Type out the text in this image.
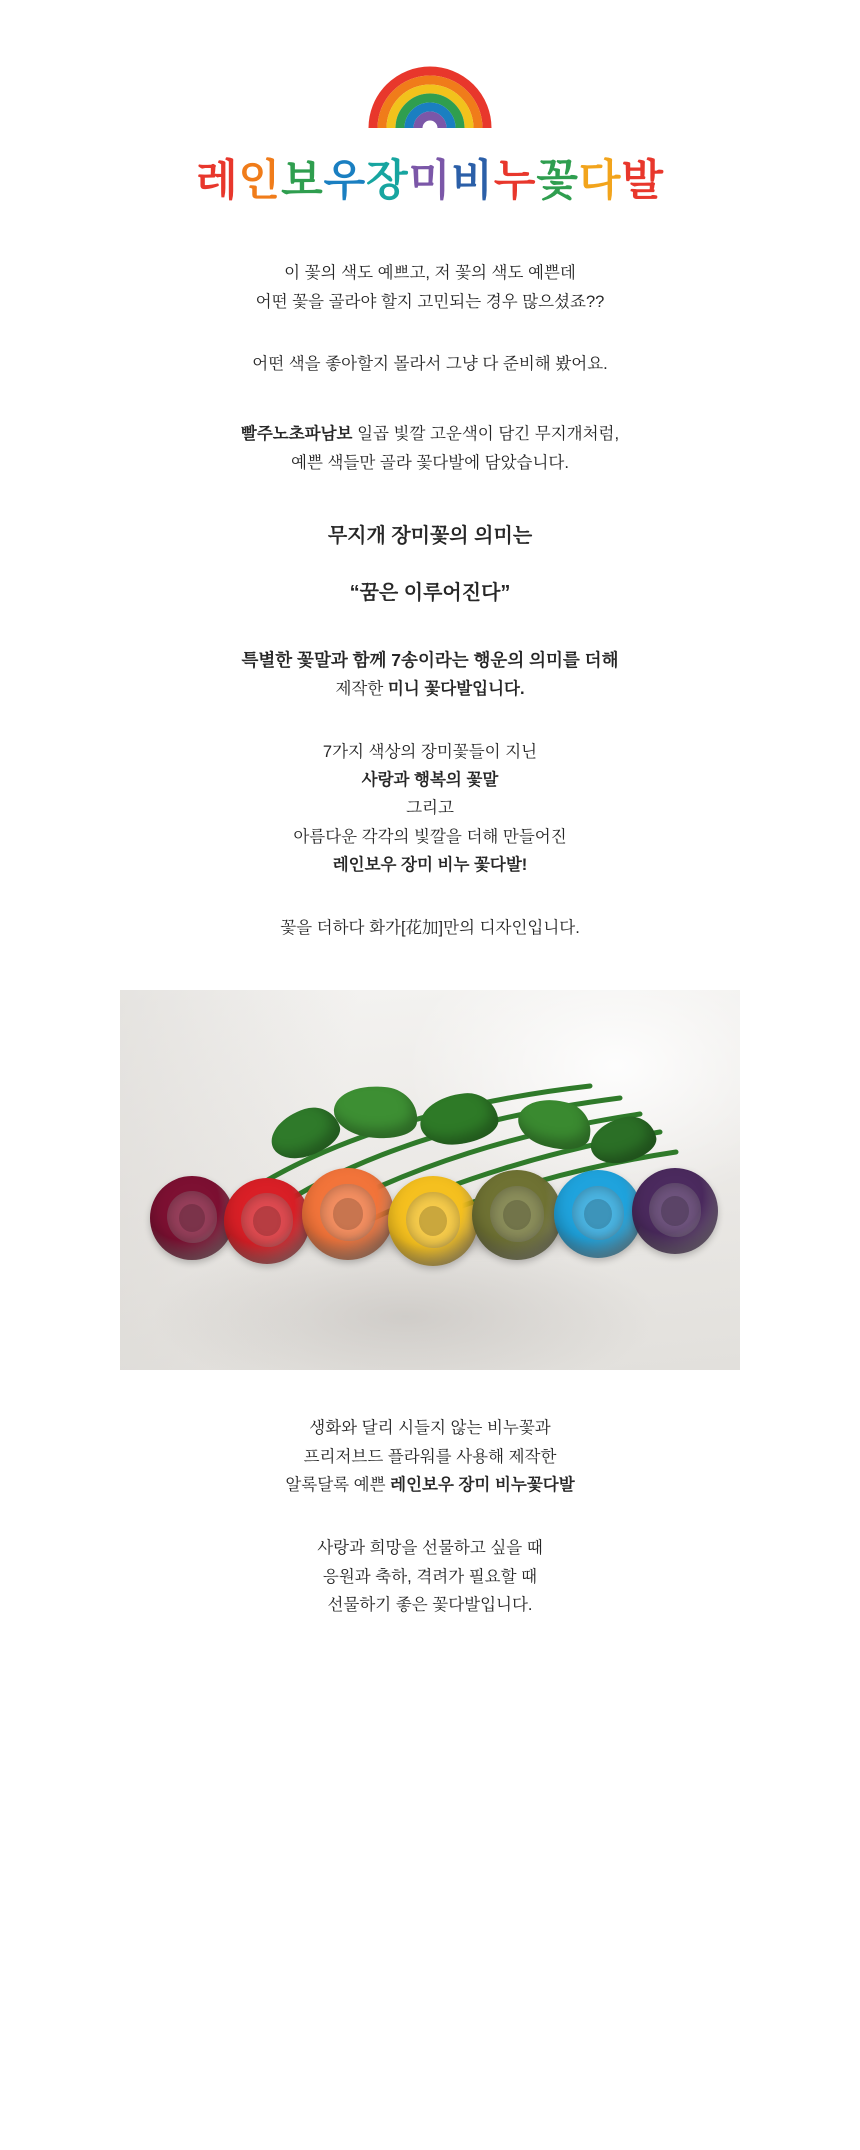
레인보우장미비누꽃다발

이 꽃의 색도 예쁘고, 저 꽃의 색도 예쁜데

어떤 꽃을 골라야 할지 고민되는 경우 많으셨죠??

어떤 색을 좋아할지 몰라서 그냥 다 준비해 봤어요.

빨주노초파남보 일곱 빛깔 고운색이 담긴 무지개처럼,

예쁜 색들만 골라 꽃다발에 담았습니다.

무지개 장미꽃의 의미는

“꿈은 이루어진다”

특별한 꽃말과 함께 7송이라는 행운의 의미를 더해

제작한 미니 꽃다발입니다.

7가지 색상의 장미꽃들이 지닌

사랑과 행복의 꽃말

그리고

아름다운 각각의 빛깔을 더해 만들어진

레인보우 장미 비누 꽃다발!

꽃을 더하다 화가[花加]만의 디자인입니다.

생화와 달리 시들지 않는 비누꽃과

프리저브드 플라워를 사용해 제작한

알록달록 예쁜 레인보우 장미 비누꽃다발

사랑과 희망을 선물하고 싶을 때

응원과 축하, 격려가 필요할 때

선물하기 좋은 꽃다발입니다.
